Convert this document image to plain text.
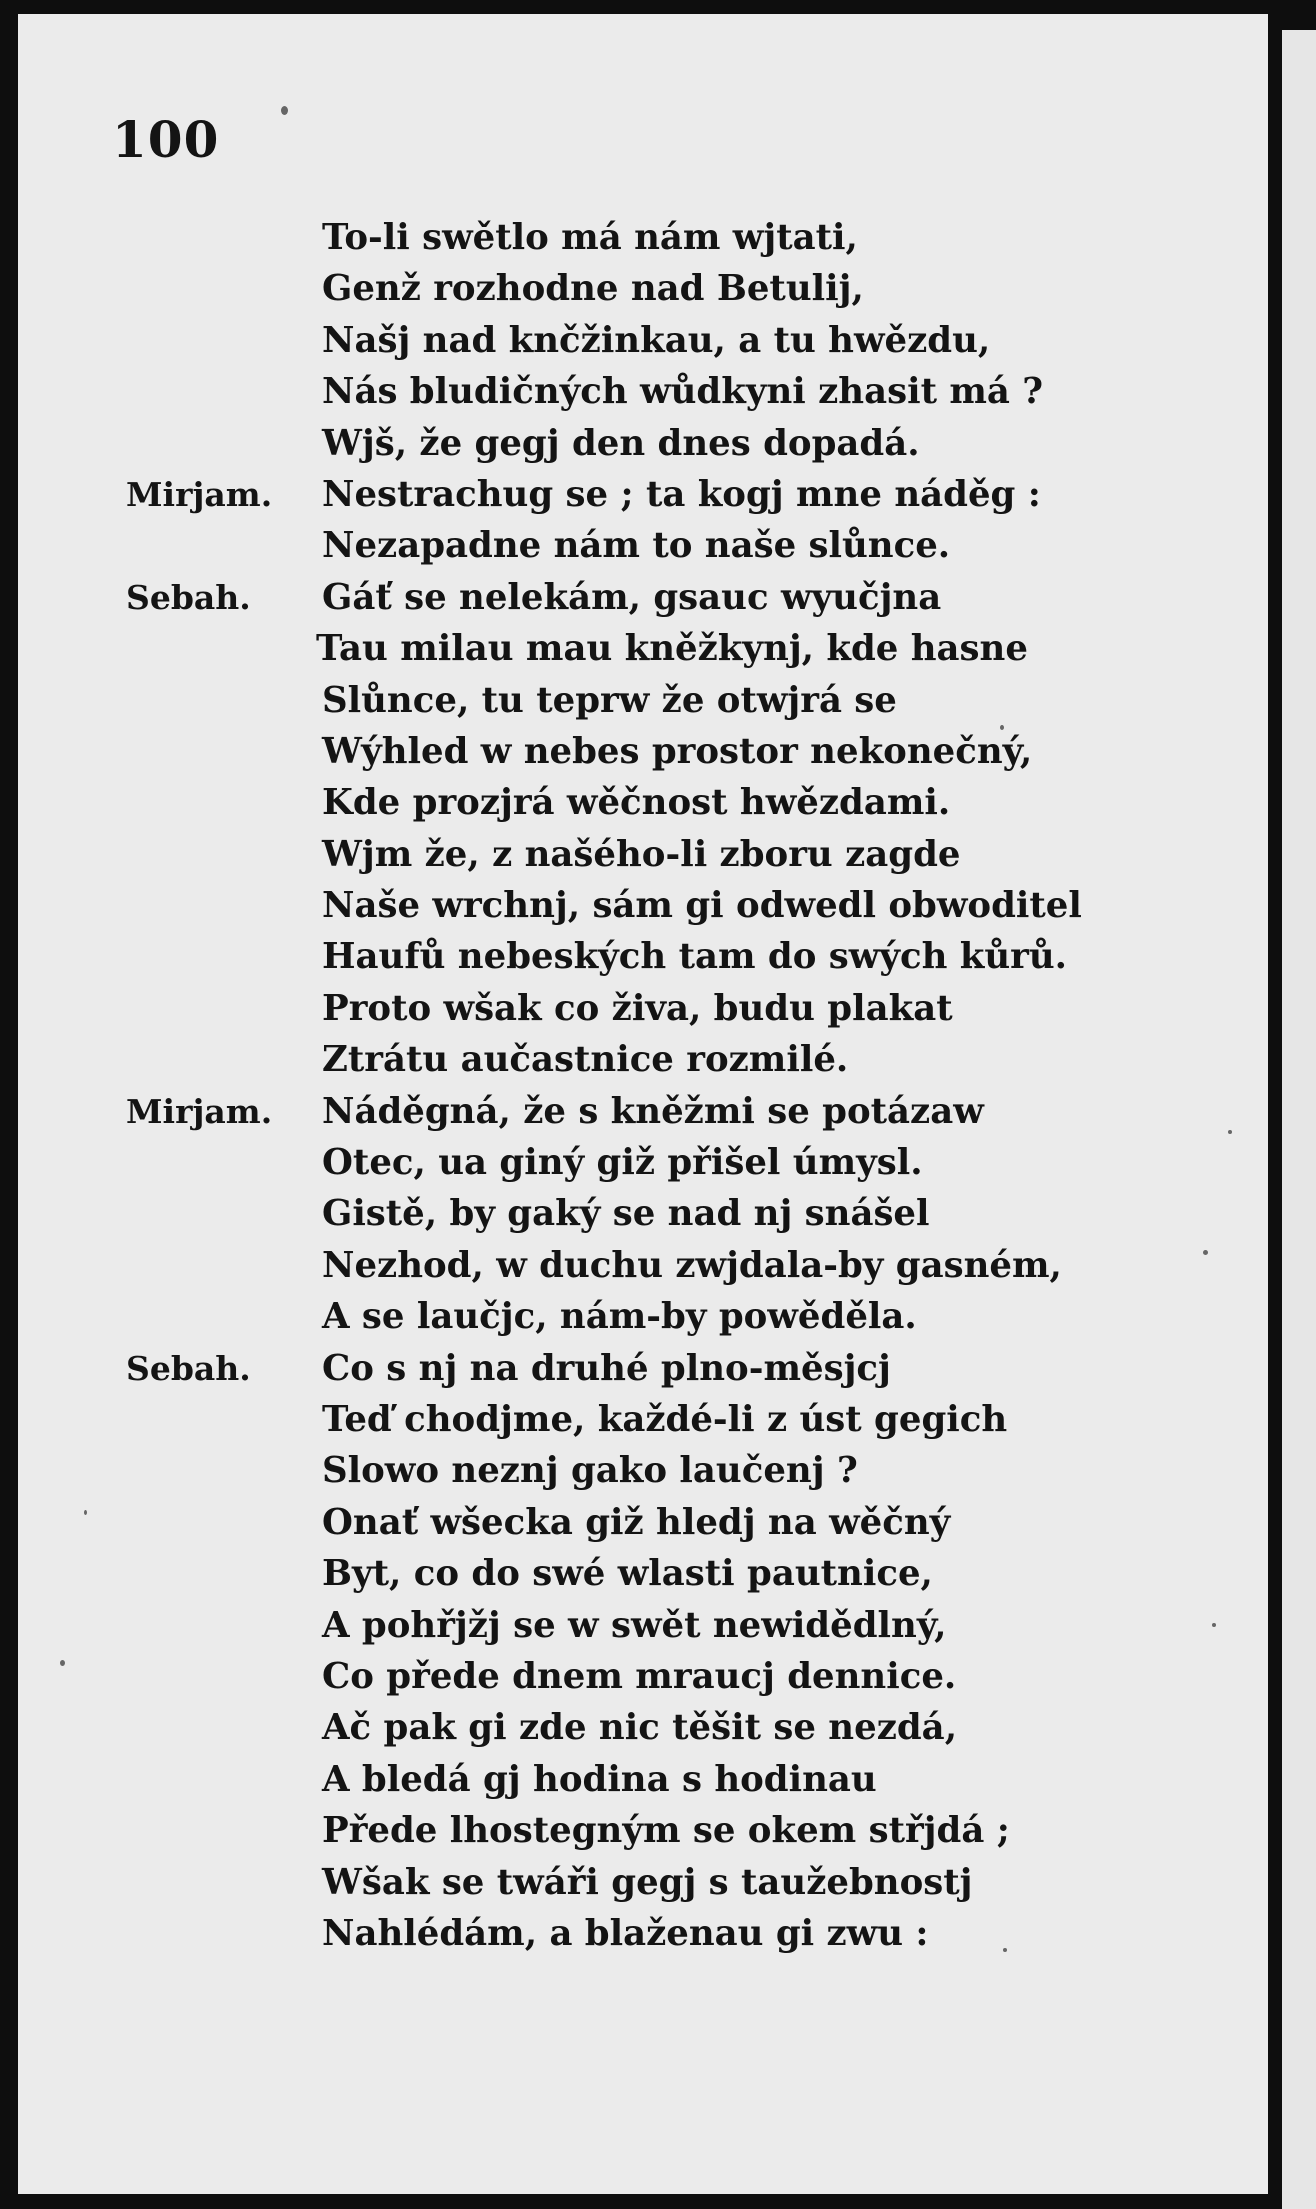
100
To-li swětlo má nám wjtati,
Genž rozhodne nad Betulij,
Našj nad knčžinkau, a tu hwězdu,
Nás bludičných wůdkyni zhasit má ?
Wjš, že gegj den dnes dopadá.
Mirjam. Nestrachug se ; ta kogj mne náděg :
Nezapadne nám to naše slůnce.
Sebah. Gáť se nelekám, gsauc wyučjna
Tau milau mau kněžkynj, kde hasne
Slůnce, tu teprw že otwjrá se
Wýhled w nebes prostor nekonečný,
Kde prozjrá wěčnost hwězdami.
Wjm že, z našého-li zboru zagde
Naše wrchnj, sám gi odwedl obwoditel
Haufů nebeských tam do swých kůrů.
Proto wšak co živa, budu plakat
Ztrátu aučastnice rozmilé.
Mirjam. Náděgná, že s kněžmi se potázaw
Otec, ua giný giž přišel úmysl.
Gistě, by gaký se nad nj snášel
Nezhod, w duchu zwjdala-by gasném,
A se laučjc, nám-by powěděla.
Sebah. Co s nj na druhé plno-měsjcj
Teď chodjme, každé-li z úst gegich
Slowo neznj gako laučenj ?
Onať wšecka giž hledj na wěčný
Byt, co do swé wlasti pautnice,
A pohřjžj se w swět newidědlný,
Co přede dnem mraucj dennice.
Ač pak gi zde nic těšit se nezdá,
A bledá gj hodina s hodinau
Přede lhostegným se okem střjdá ;
Wšak se twáři gegj s taužebnostj
Nahlédám, a blaženau gi zwu :
